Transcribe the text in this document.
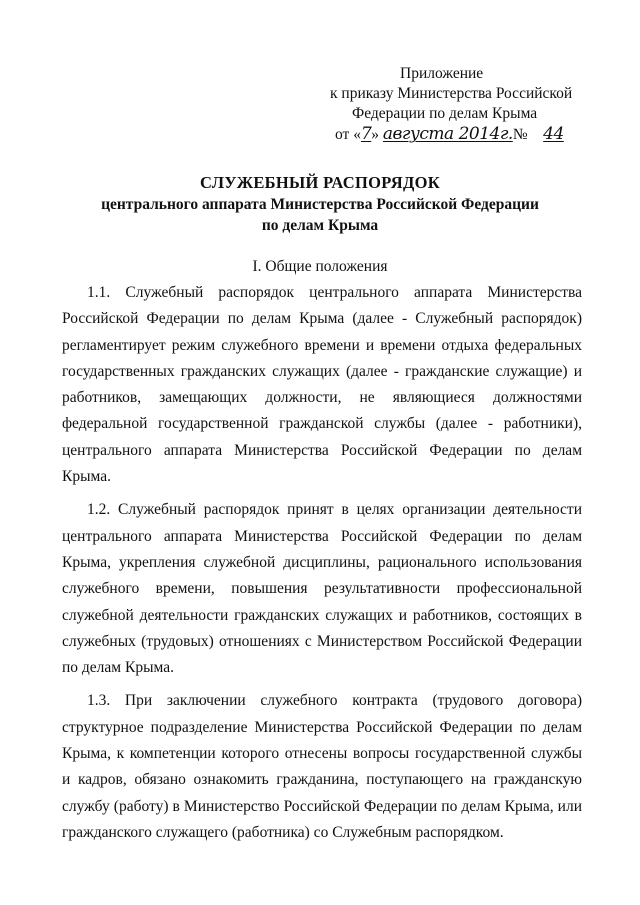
Приложение
к приказу Министерства Российской
Федерации по делам Крыма
от «7» августа 2014г.№ 44
СЛУЖЕБНЫЙ РАСПОРЯДОК
центрального аппарата Министерства Российской Федерации
по делам Крыма
I. Общие положения

1.1. Служебный распорядок центрального аппарата Министерства Российской Федерации по делам Крыма (далее - Служебный распорядок) регламентирует режим служебного времени и времени отдыха федеральных государственных гражданских служащих (далее - гражданские служащие) и работников, замещающих должности, не являющиеся должностями федеральной государственной гражданской службы (далее - работники), центрального аппарата Министерства Российской Федерации по делам Крыма.

1.2. Служебный распорядок принят в целях организации деятельности центрального аппарата Министерства Российской Федерации по делам Крыма, укрепления служебной дисциплины, рационального использования служебного времени, повышения результативности профессиональной служебной деятельности гражданских служащих и работников, состоящих в служебных (трудовых) отношениях с Министерством Российской Федерации по делам Крыма.

1.3. При заключении служебного контракта (трудового договора) структурное подразделение Министерства Российской Федерации по делам Крыма, к компетенции которого отнесены вопросы государственной службы и кадров, обязано ознакомить гражданина, поступающего на гражданскую службу (работу) в Министерство Российской Федерации по делам Крыма, или гражданского служащего (работника) со Служебным распорядком.
